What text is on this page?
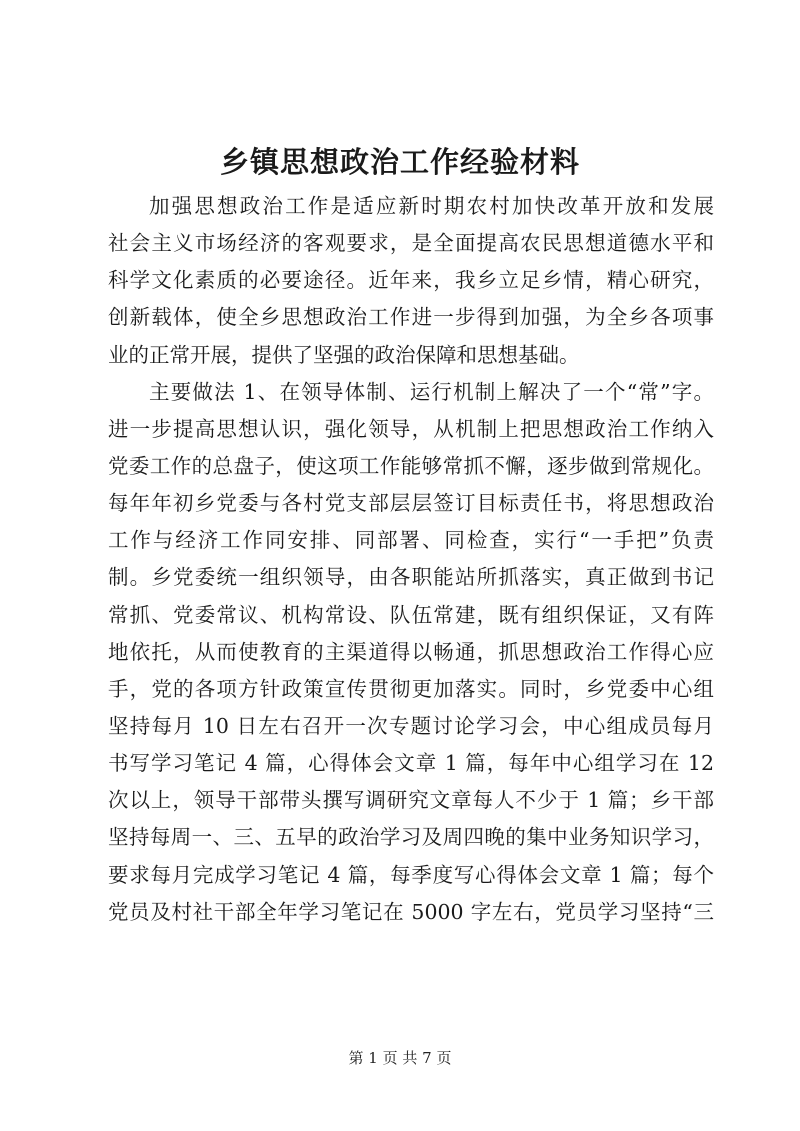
乡镇思想政治工作经验材料
加强思想政治工作是适应新时期农村加快改革开放和发展
社会主义市场经济的客观要求，是全面提高农民思想道德水平和
科学文化素质的必要途径。近年来，我乡立足乡情，精心研究，
创新载体，使全乡思想政治工作进一步得到加强，为全乡各项事
业的正常开展，提供了坚强的政治保障和思想基础。
主要做法 1、在领导体制、运行机制上解决了一个“常”字。
进一步提高思想认识，强化领导，从机制上把思想政治工作纳入
党委工作的总盘子，使这项工作能够常抓不懈，逐步做到常规化。
每年年初乡党委与各村党支部层层签订目标责任书，将思想政治
工作与经济工作同安排、同部署、同检查，实行“一手把”负责
制。乡党委统一组织领导，由各职能站所抓落实，真正做到书记
常抓、党委常议、机构常设、队伍常建，既有组织保证，又有阵
地依托，从而使教育的主渠道得以畅通，抓思想政治工作得心应
手，党的各项方针政策宣传贯彻更加落实。同时，乡党委中心组
坚持每月 10 日左右召开一次专题讨论学习会，中心组成员每月
书写学习笔记 4 篇，心得体会文章 1 篇，每年中心组学习在 12
次以上，领导干部带头撰写调研究文章每人不少于 1 篇；乡干部
坚持每周一、三、五早的政治学习及周四晚的集中业务知识学习，
要求每月完成学习笔记 4 篇，每季度写心得体会文章 1 篇；每个
党员及村社干部全年学习笔记在 5000 字左右，党员学习坚持“三
第 1 页 共 7 页
